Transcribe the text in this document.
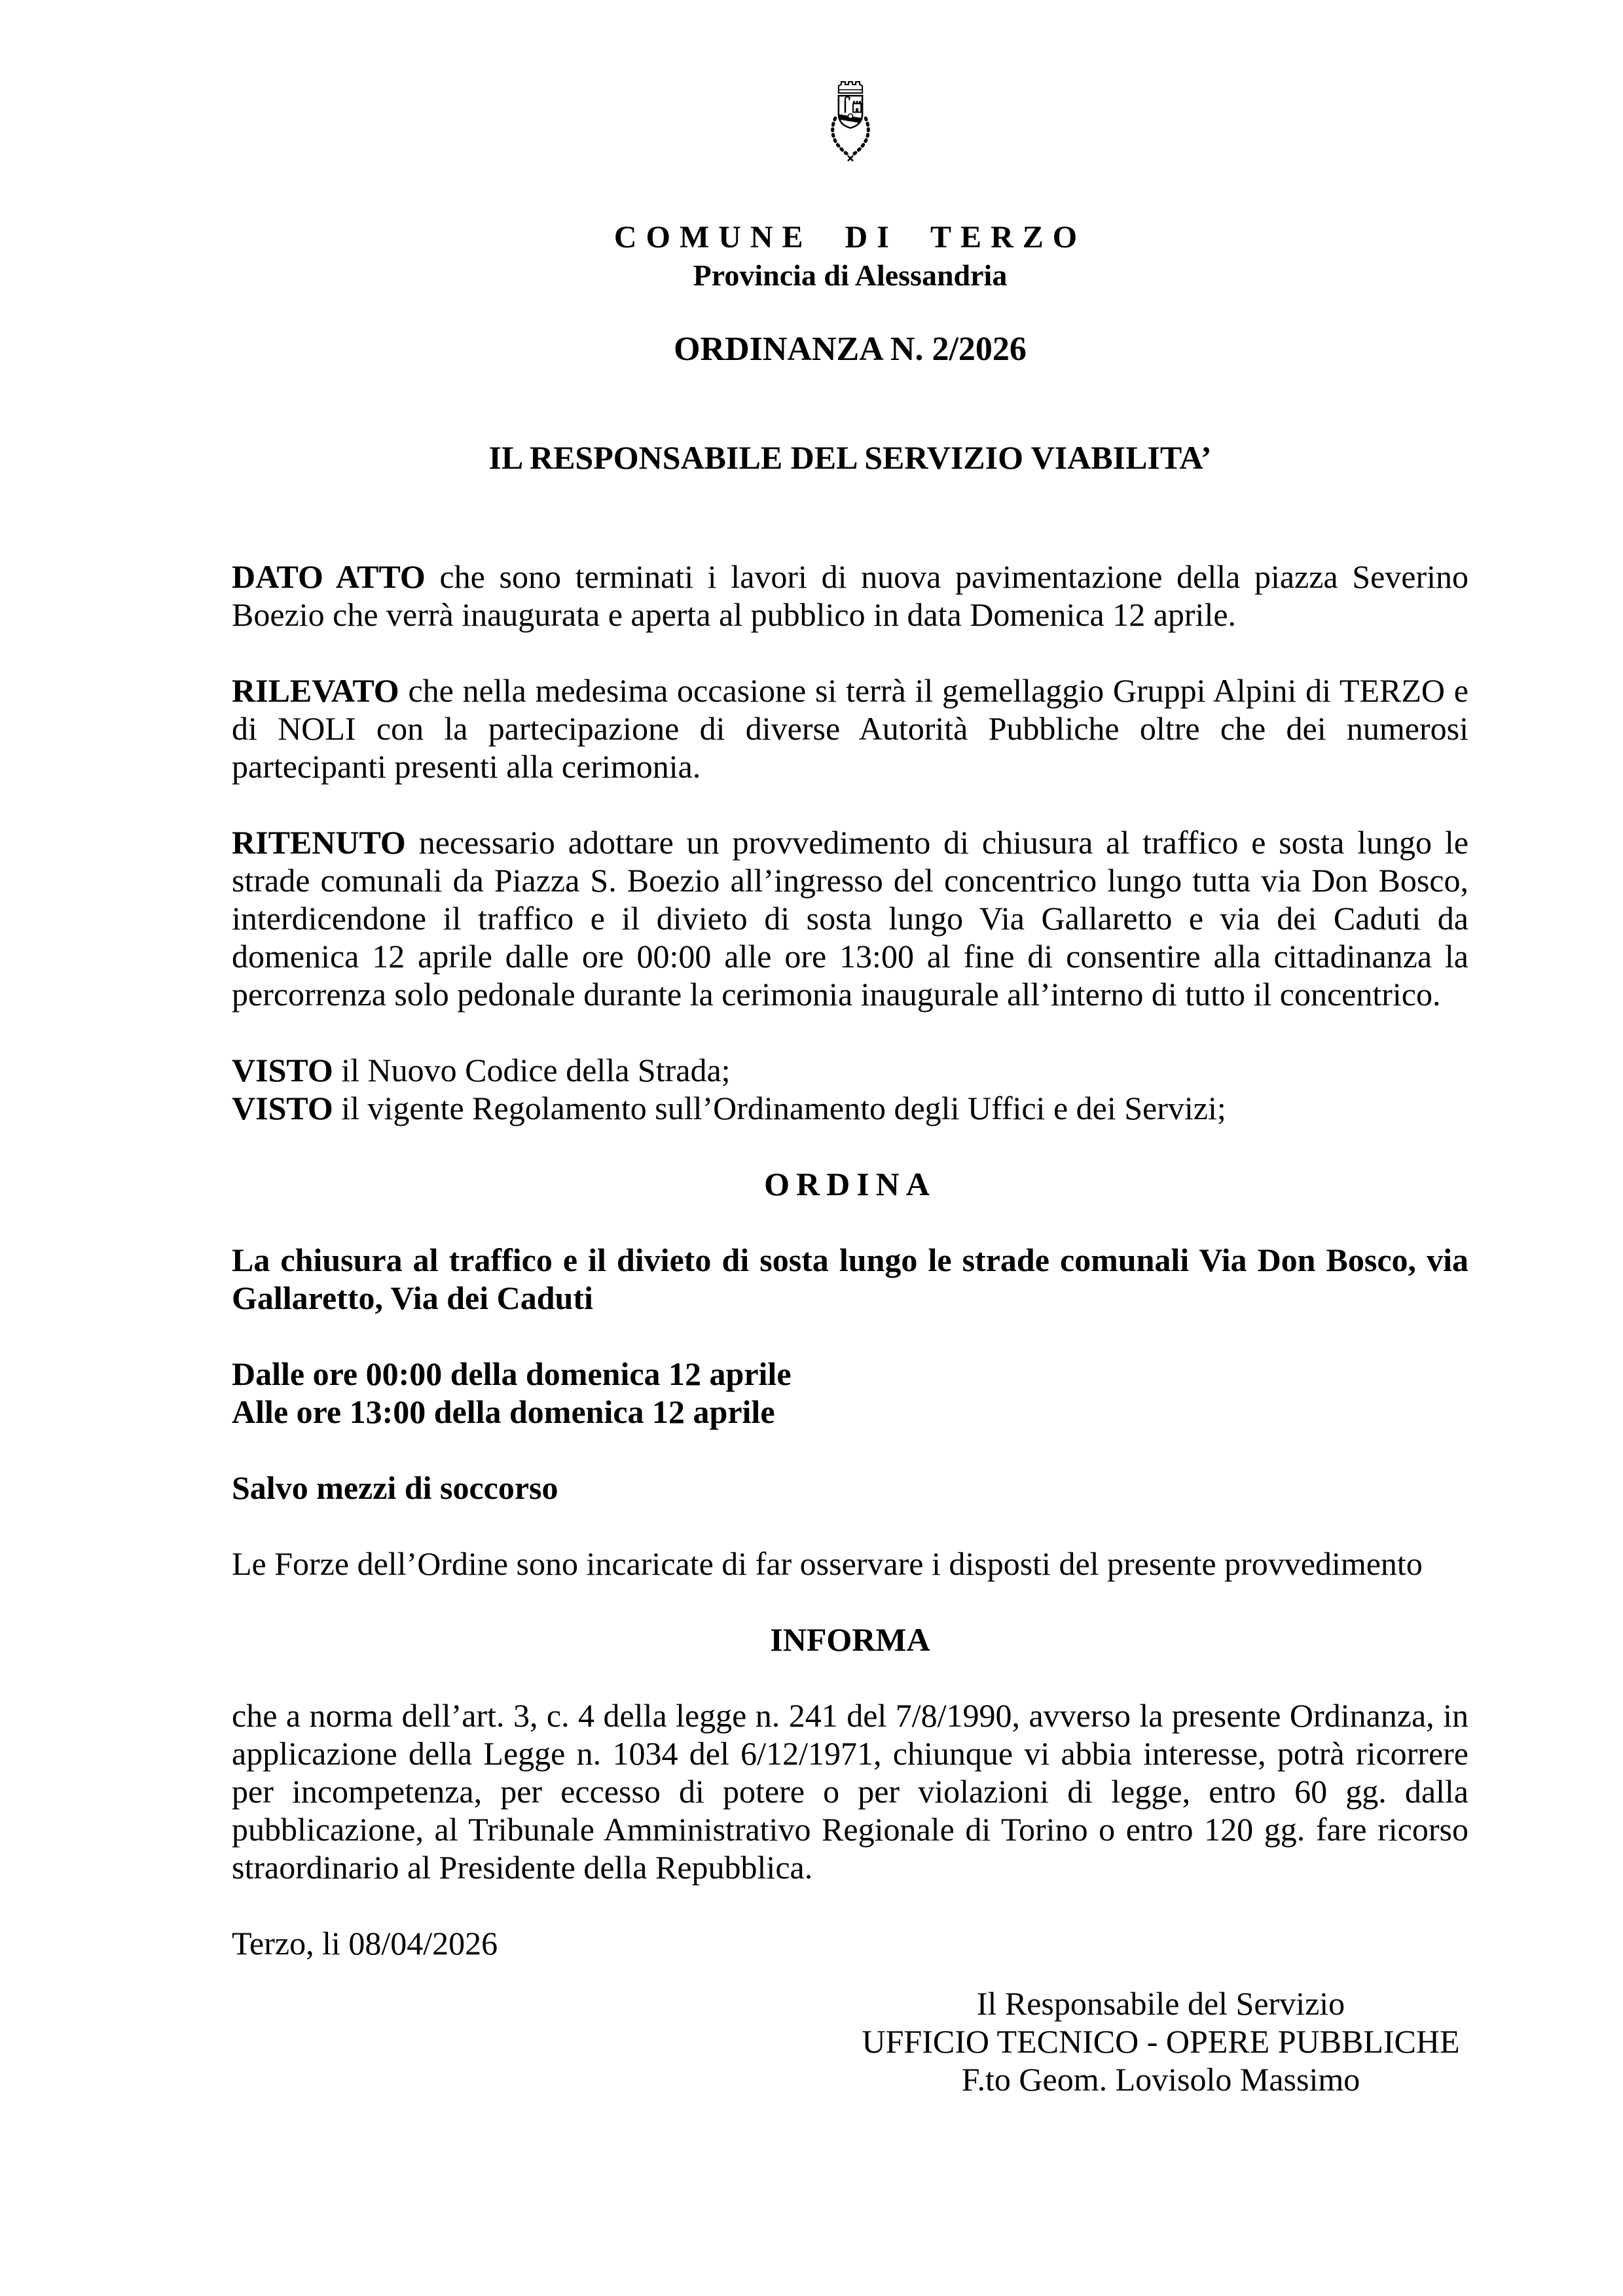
COMUNE DI TERZO
Provincia di Alessandria
ORDINANZA N. 2/2026
IL RESPONSABILE DEL SERVIZIO VIABILITA’

DATO ATTO che sono terminati i lavori di nuova pavimentazione della piazza Severino Boezio che verrà inaugurata e aperta al pubblico in data Domenica 12 aprile.

RILEVATO che nella medesima occasione si terrà il gemellaggio Gruppi Alpini di TERZO e di NOLI con la partecipazione di diverse Autorità Pubbliche oltre che dei numerosi partecipanti presenti alla cerimonia.

RITENUTO necessario adottare un provvedimento di chiusura al traffico e sosta lungo le strade comunali da Piazza S. Boezio all’ingresso del concentrico lungo tutta via Don Bosco, interdicendone il traffico e il divieto di sosta lungo Via Gallaretto e via dei Caduti da domenica 12 aprile dalle ore 00:00 alle ore 13:00 al fine di consentire alla cittadinanza la percorrenza solo pedonale durante la cerimonia inaugurale all’interno di tutto il concentrico.

VISTO il Nuovo Codice della Strada;
VISTO il vigente Regolamento sull’Ordinamento degli Uffici e dei Servizi;
ORDINA

La chiusura al traffico e il divieto di sosta lungo le strade comunali Via Don Bosco, via Gallaretto, Via dei Caduti

Dalle ore 00:00 della domenica 12 aprile
Alle ore 13:00 della domenica 12 aprile

Salvo mezzi di soccorso

Le Forze dell’Ordine sono incaricate di far osservare i disposti del presente provvedimento

INFORMA

che a norma dell’art. 3, c. 4 della legge n. 241 del 7/8/1990, avverso la presente Ordinanza, in applicazione della Legge n. 1034 del 6/12/1971, chiunque vi abbia interesse, potrà ricorrere per incompetenza, per eccesso di potere o per violazioni di legge, entro 60 gg. dalla pubblicazione, al Tribunale Amministrativo Regionale di Torino o entro 120 gg. fare ricorso straordinario al Presidente della Repubblica.

Terzo, li 08/04/2026

Il Responsabile del Servizio
UFFICIO TECNICO - OPERE PUBBLICHE
F.to Geom. Lovisolo Massimo
